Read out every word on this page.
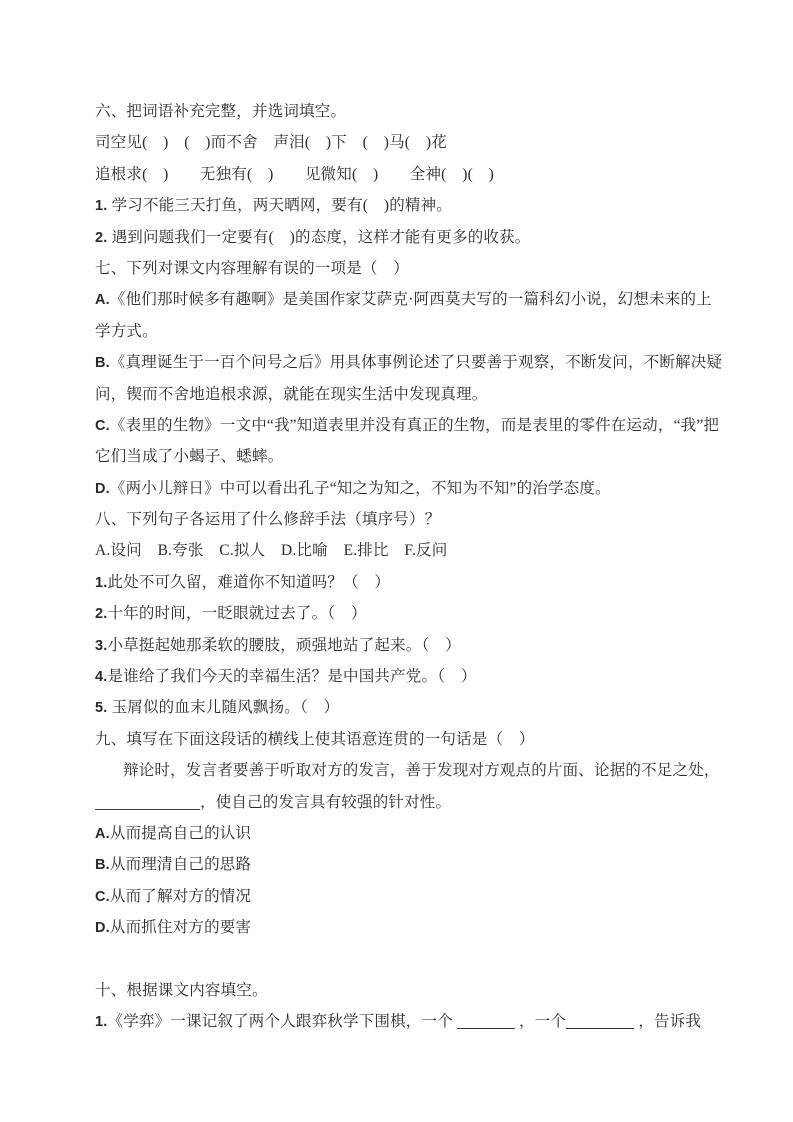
六、把词语补充完整，并选词填空。
司空见(　)　(　)而不舍　声泪(　)下　(　)马(　)花
追根求(　)　　无独有(　)　　见微知(　)　　全神(　)(　)
1. 学习不能三天打鱼，两天晒网，要有(　)的精神。
2. 遇到问题我们一定要有(　)的态度，这样才能有更多的收获。
七、下列对课文内容理解有误的一项是（　）
A.《他们那时候多有趣啊》是美国作家艾萨克·阿西莫夫写的一篇科幻小说，幻想未来的上
学方式。
B.《真理诞生于一百个问号之后》用具体事例论述了只要善于观察，不断发问，不断解决疑
问，锲而不舍地追根求源，就能在现实生活中发现真理。
C.《表里的生物》一文中“我”知道表里并没有真正的生物，而是表里的零件在运动，“我”把
它们当成了小蝎子、蟋蟀。
D.《两小儿辩日》中可以看出孔子“知之为知之，不知为不知”的治学态度。
八、下列句子各运用了什么修辞手法（填序号）？
A.设问　B.夸张　C.拟人　D.比喻　E.排比　F.反问
1.此处不可久留，难道你不知道吗？（　）
2.十年的时间，一眨眼就过去了。（　）
3.小草挺起她那柔软的腰肢，顽强地站了起来。（　）
4.是谁给了我们今天的幸福生活？是中国共产党。（　）
5. 玉屑似的血末儿随风飘扬。（　）
九、填写在下面这段话的横线上使其语意连贯的一句话是（　）
辩论时，发言者要善于听取对方的发言，善于发现对方观点的片面、论据的不足之处，
，使自己的发言具有较强的针对性。
A.从而提高自己的认识
B.从而理清自己的思路
C.从而了解对方的情况
D.从而抓住对方的要害
十、根据课文内容填空。
1.《学弈》一课记叙了两个人跟弈秋学下围棋，一个	，一个	，告诉我
